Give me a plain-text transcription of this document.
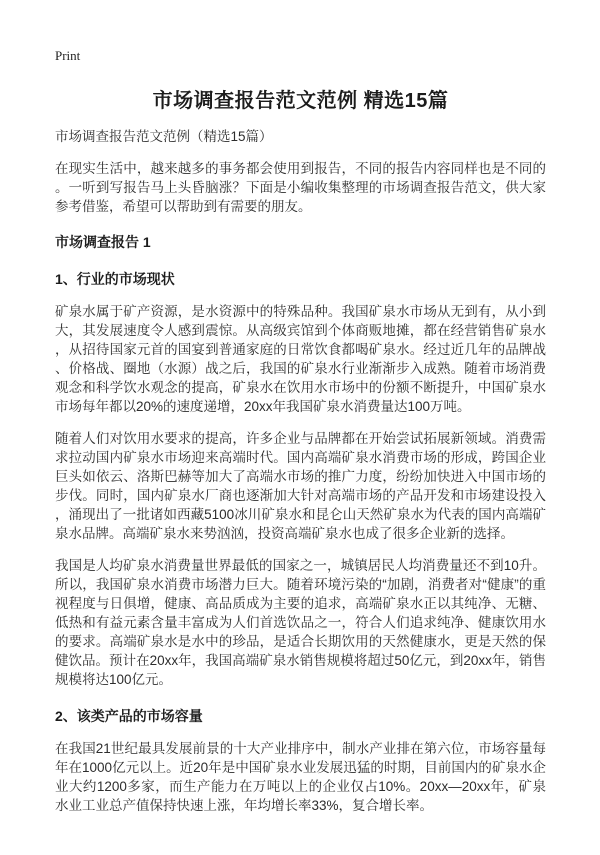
Print
市场调查报告范文范例 精选15篇

市场调查报告范文范例（精选15篇）

在现实生活中，越来越多的事务都会使用到报告，不同的报告内容同样也是不同的。一听到写报告马上头昏脑涨？下面是小编收集整理的市场调查报告范文，供大家参考借鉴，希望可以帮助到有需要的朋友。

市场调查报告 1
1、行业的市场现状

矿泉水属于矿产资源，是水资源中的特殊品种。我国矿泉水市场从无到有，从小到大，其发展速度令人感到震惊。从高级宾馆到个体商贩地摊，都在经营销售矿泉水，从招待国家元首的国宴到普通家庭的日常饮食都喝矿泉水。经过近几年的品牌战、价格战、圈地（水源）战之后，我国的矿泉水行业渐渐步入成熟。随着市场消费观念和科学饮水观念的提高，矿泉水在饮用水市场中的份额不断提升，中国矿泉水市场每年都以20%的速度递增，20xx年我国矿泉水消费量达100万吨。

随着人们对饮用水要求的提高，许多企业与品牌都在开始尝试拓展新领域。消费需求拉动国内矿泉水市场迎来高端时代。国内高端矿泉水消费市场的形成，跨国企业巨头如依云、洛斯巴赫等加大了高端水市场的推广力度，纷纷加快进入中国市场的步伐。同时，国内矿泉水厂商也逐渐加大针对高端市场的产品开发和市场建设投入，涌现出了一批诸如西藏5100冰川矿泉水和昆仑山天然矿泉水为代表的国内高端矿泉水品牌。高端矿泉水来势汹汹，投资高端矿泉水也成了很多企业新的选择。

我国是人均矿泉水消费量世界最低的国家之一，城镇居民人均消费量还不到10升。所以，我国矿泉水消费市场潜力巨大。随着环境污染的“加剧，消费者对“健康”的重视程度与日俱增，健康、高品质成为主要的追求，高端矿泉水正以其纯净、无糖、低热和有益元素含量丰富成为人们首选饮品之一，符合人们追求纯净、健康饮用水的要求。高端矿泉水是水中的珍品，是适合长期饮用的天然健康水，更是天然的保健饮品。预计在20xx年，我国高端矿泉水销售规模将超过50亿元，到20xx年，销售规模将达100亿元。

2、该类产品的市场容量

在我国21世纪最具发展前景的十大产业排序中，制水产业排在第六位，市场容量每年在1000亿元以上。近20年是中国矿泉水业发展迅猛的时期，目前国内的矿泉水企业大约1200多家，而生产能力在万吨以上的企业仅占10%。20xx—20xx年，矿泉水业工业总产值保持快速上涨，年均增长率33%，复合增长率。
